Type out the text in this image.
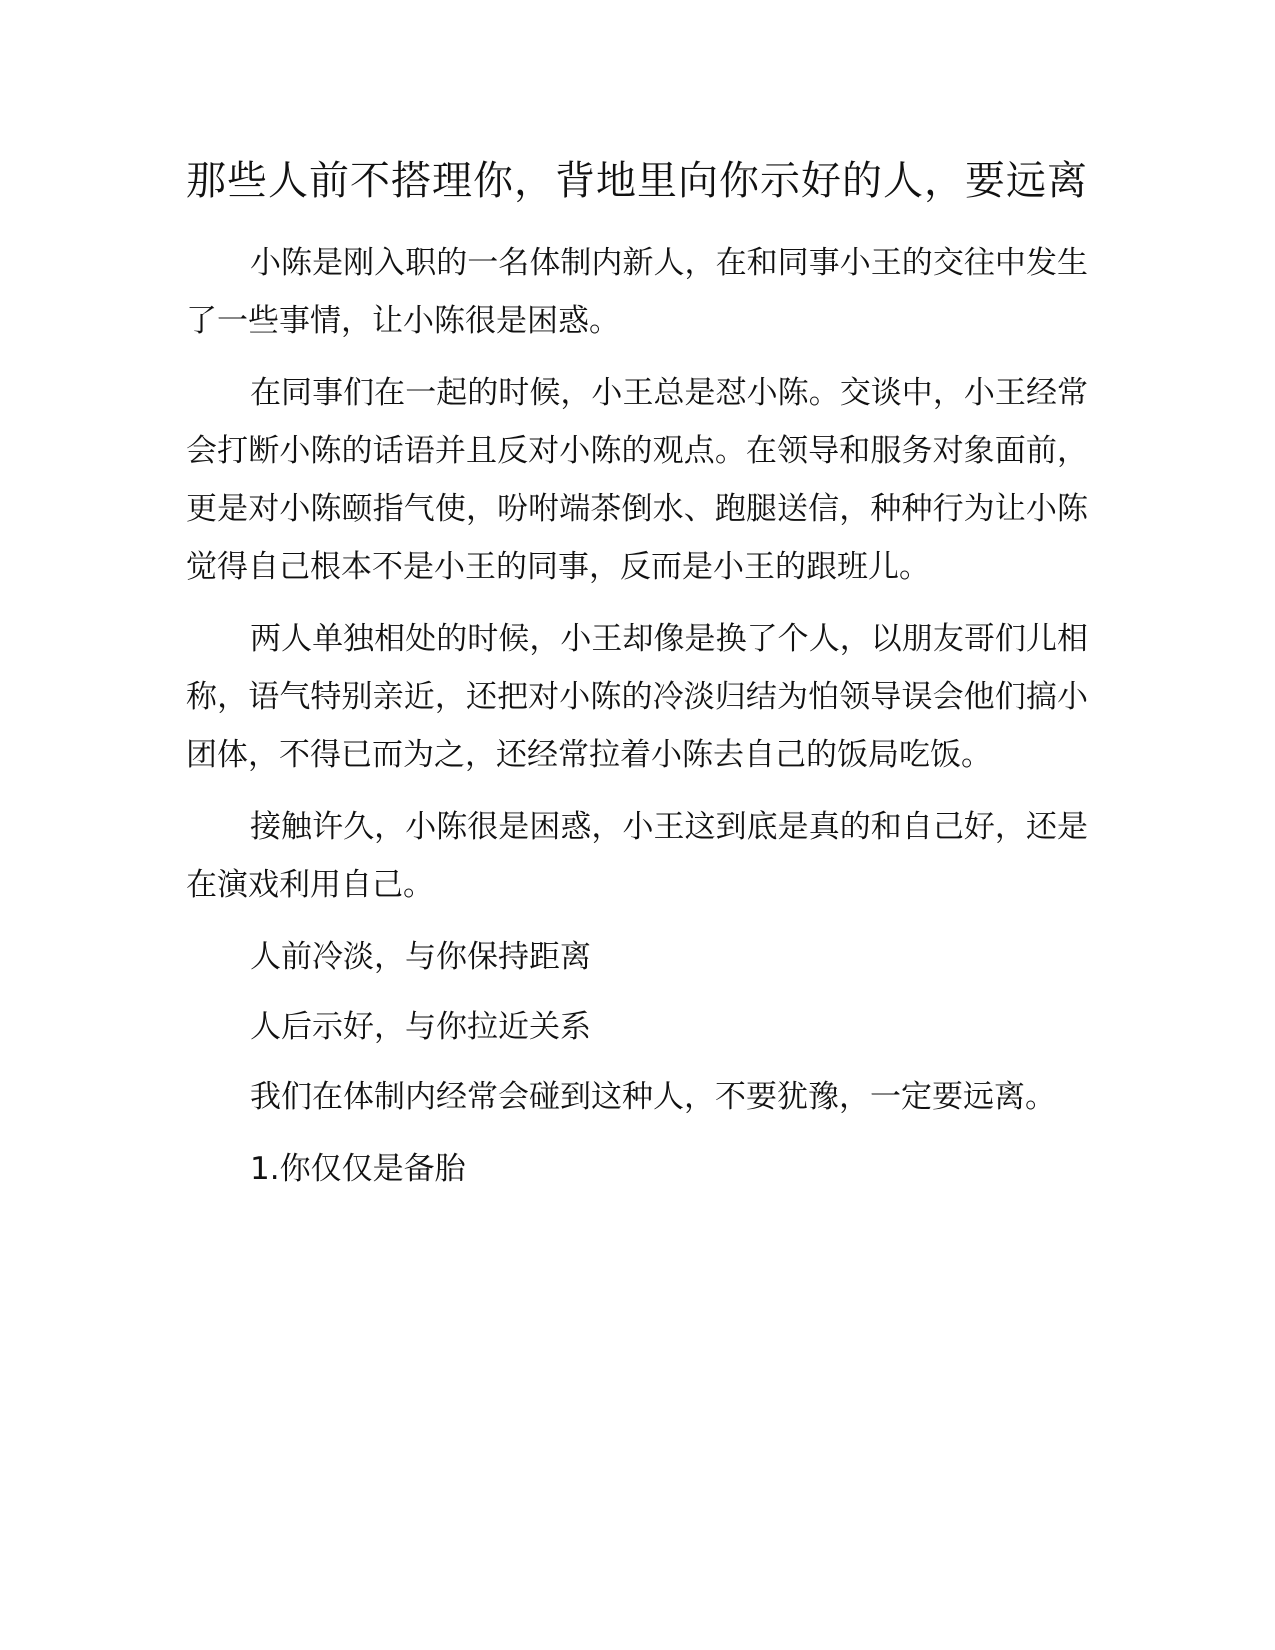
那些人前不搭理你，背地里向你示好的人，要远离

小陈是刚入职的一名体制内新人，在和同事小王的交往中发生了一些事情，让小陈很是困惑。

在同事们在一起的时候，小王总是怼小陈。交谈中，小王经常会打断小陈的话语并且反对小陈的观点。在领导和服务对象面前，更是对小陈颐指气使，吩咐端茶倒水、跑腿送信，种种行为让小陈觉得自己根本不是小王的同事，反而是小王的跟班儿。

两人单独相处的时候，小王却像是换了个人，以朋友哥们儿相称，语气特别亲近，还把对小陈的冷淡归结为怕领导误会他们搞小团体，不得已而为之，还经常拉着小陈去自己的饭局吃饭。

接触许久，小陈很是困惑，小王这到底是真的和自己好，还是在演戏利用自己。

人前冷淡，与你保持距离

人后示好，与你拉近关系

我们在体制内经常会碰到这种人，不要犹豫，一定要远离。

1.你仅仅是备胎
